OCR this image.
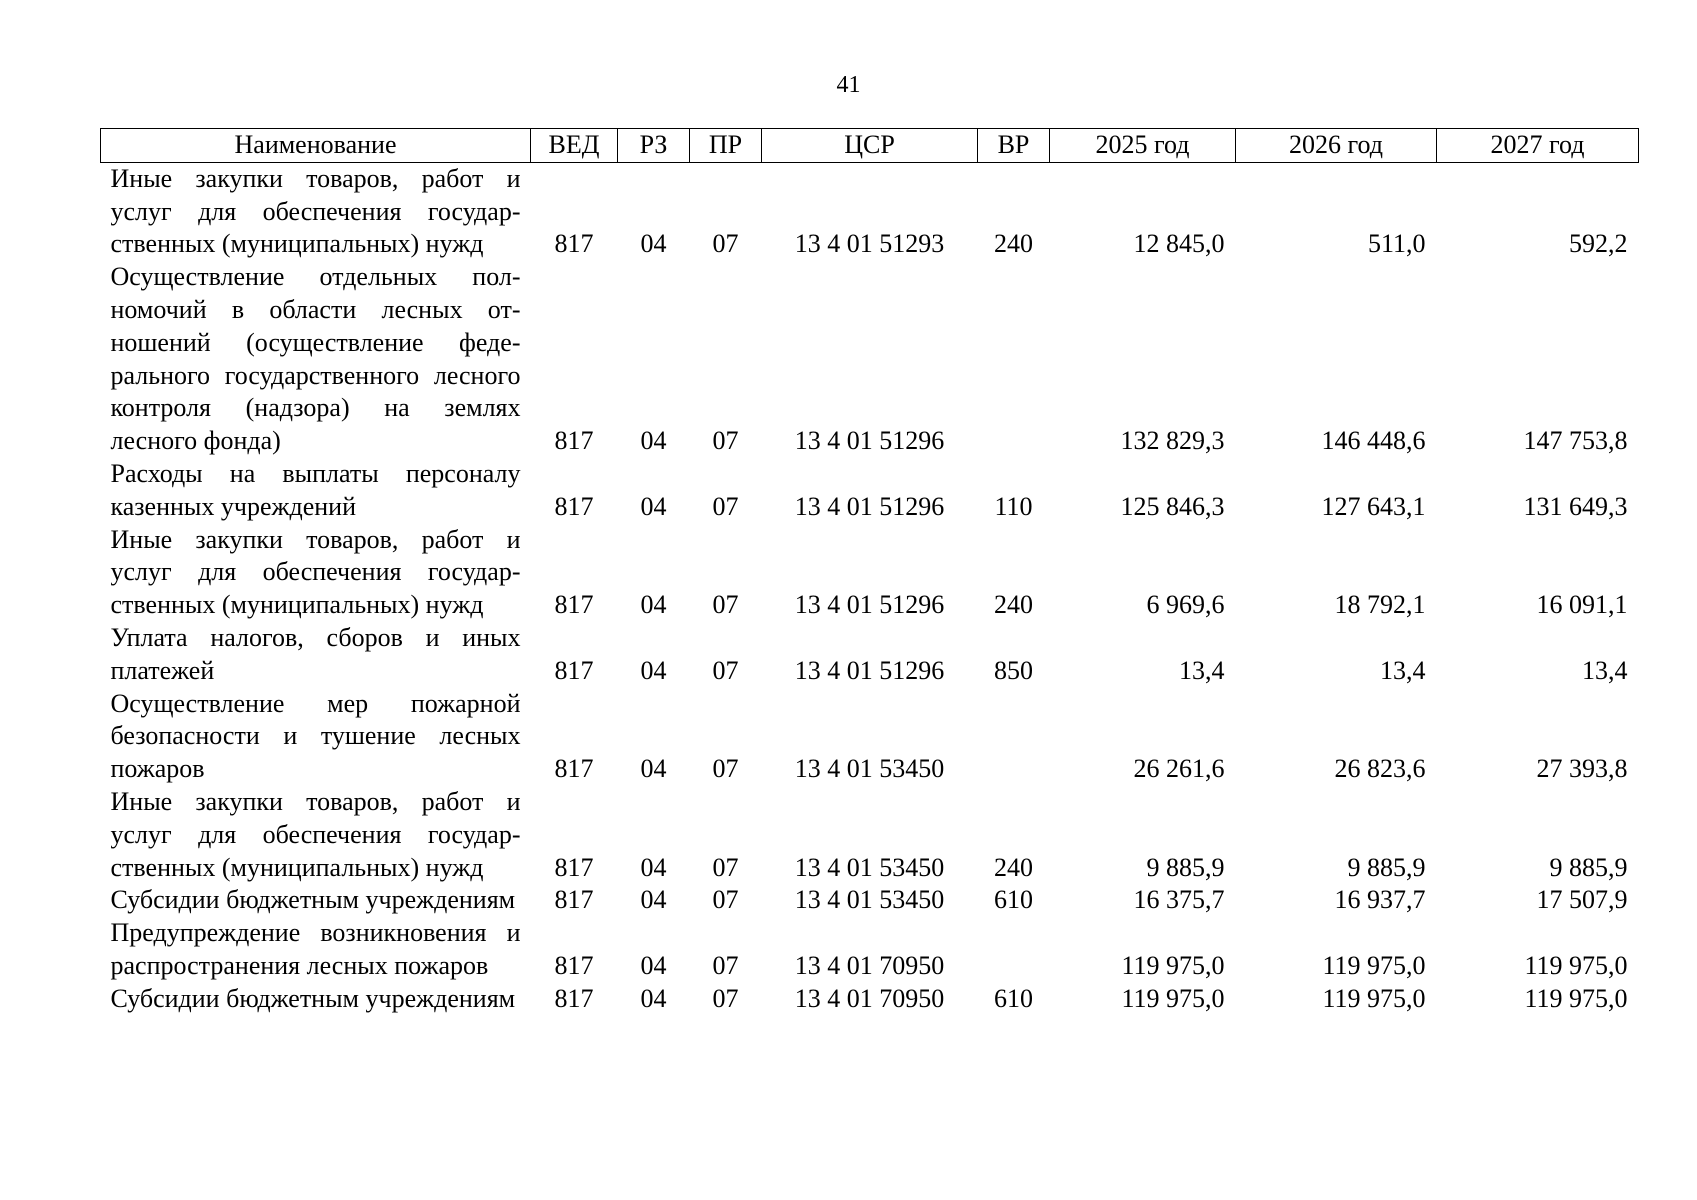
41
Наименование	ВЕД	РЗ	ПР	ЦСР	ВР	2025 год	2026 год	2027 год
Иные закупки товаров, работ и услуг для обеспечения государственных (муниципальных) нужд	817	04	07	13 4 01 51293	240	12 845,0	511,0	592,2
Осуществление отдельных полномочий в области лесных отношений (осуществление федерального государственного лесного контроля (надзора) на землях лесного фонда)	817	04	07	13 4 01 51296		132 829,3	146 448,6	147 753,8
Расходы на выплаты персоналу казенных учреждений	817	04	07	13 4 01 51296	110	125 846,3	127 643,1	131 649,3
Иные закупки товаров, работ и услуг для обеспечения государственных (муниципальных) нужд	817	04	07	13 4 01 51296	240	6 969,6	18 792,1	16 091,1
Уплата налогов, сборов и иных платежей	817	04	07	13 4 01 51296	850	13,4	13,4	13,4
Осуществление мер пожарной безопасности и тушение лесных пожаров	817	04	07	13 4 01 53450		26 261,6	26 823,6	27 393,8
Иные закупки товаров, работ и услуг для обеспечения государственных (муниципальных) нужд	817	04	07	13 4 01 53450	240	9 885,9	9 885,9	9 885,9
Субсидии бюджетным учреждениям	817	04	07	13 4 01 53450	610	16 375,7	16 937,7	17 507,9
Предупреждение возникновения и распространения лесных пожаров	817	04	07	13 4 01 70950		119 975,0	119 975,0	119 975,0
Субсидии бюджетным учреждениям	817	04	07	13 4 01 70950	610	119 975,0	119 975,0	119 975,0
